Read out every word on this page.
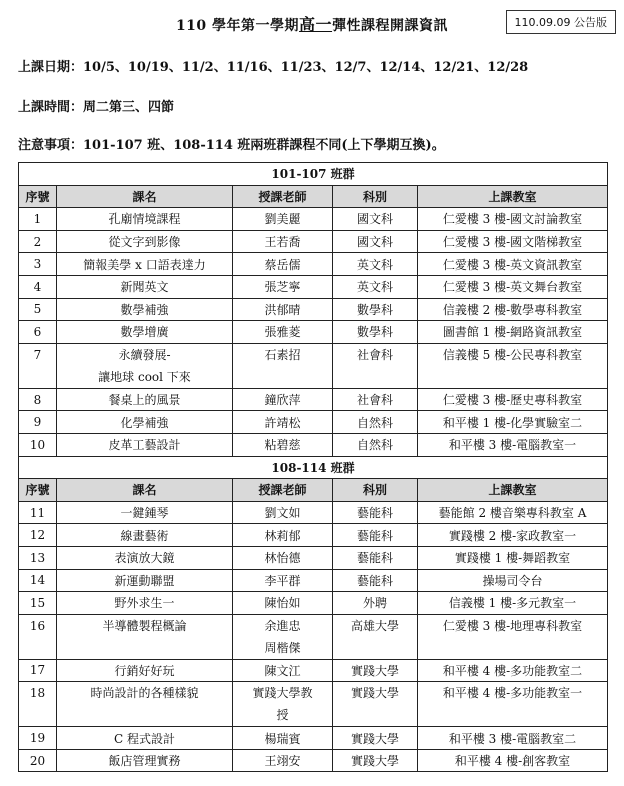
110 學年第一學期高一彈性課程開課資訊	110.09.09 公告版
上課日期：10/5、10/19、11/2、11/16、11/23、12/7、12/14、12/21、12/28
上課時間：周二第三、四節
注意事項：101-107 班、108-114 班兩班群課程不同(上下學期互換)。
101-107 班群				
序號	課名	授課老師	科別	上課教室
1	孔廟情境課程	劉美麗	國文科	仁愛樓 3 樓-國文討論教室
2	從文字到影像	王若喬	國文科	仁愛樓 3 樓-國文階梯教室
3	簡報美學 x 口語表達力	蔡岳儒	英文科	仁愛樓 3 樓-英文資訊教室
4	新聞英文	張芝寧	英文科	仁愛樓 3 樓-英文舞台教室
5	數學補強	洪郁晴	數學科	信義樓 2 樓-數學專科教室
6	數學增廣	張雅菱	數學科	圖書館 1 樓-網路資訊教室
7	永續發展-
讓地球 cool 下來	石素招	社會科	信義樓 5 樓-公民專科教室
8	餐桌上的風景	鐘欣萍	社會科	仁愛樓 3 樓-歷史專科教室
9	化學補強	許靖松	自然科	和平樓 1 樓-化學實驗室二
10	皮革工藝設計	粘碧慈	自然科	和平樓 3 樓-電腦教室一
108-114 班群				
序號	課名	授課老師	科別	上課教室
11	一鍵鍾琴	劉文如	藝能科	藝能館 2 樓音樂專科教室 A
12	線畫藝術	林莉郁	藝能科	實踐樓 2 樓-家政教室一
13	表演放大鏡	林怡德	藝能科	實踐樓 1 樓-舞蹈教室
14	新運動聯盟	李平群	藝能科	操場司令台
15	野外求生一	陳怡如	外聘	信義樓 1 樓-多元教室一
16	半導體製程概論	余進忠
周楷傑	高雄大學	仁愛樓 3 樓-地理專科教室
17	行銷好好玩	陳文江	實踐大學	和平樓 4 樓-多功能教室二
18	時尚設計的各種樣貌	實踐大學教
授	實踐大學	和平樓 4 樓-多功能教室一
19	C 程式設計	楊瑞賓	實踐大學	和平樓 3 樓-電腦教室二
20	飯店管理實務	王翊安	實踐大學	和平樓 4 樓-創客教室
